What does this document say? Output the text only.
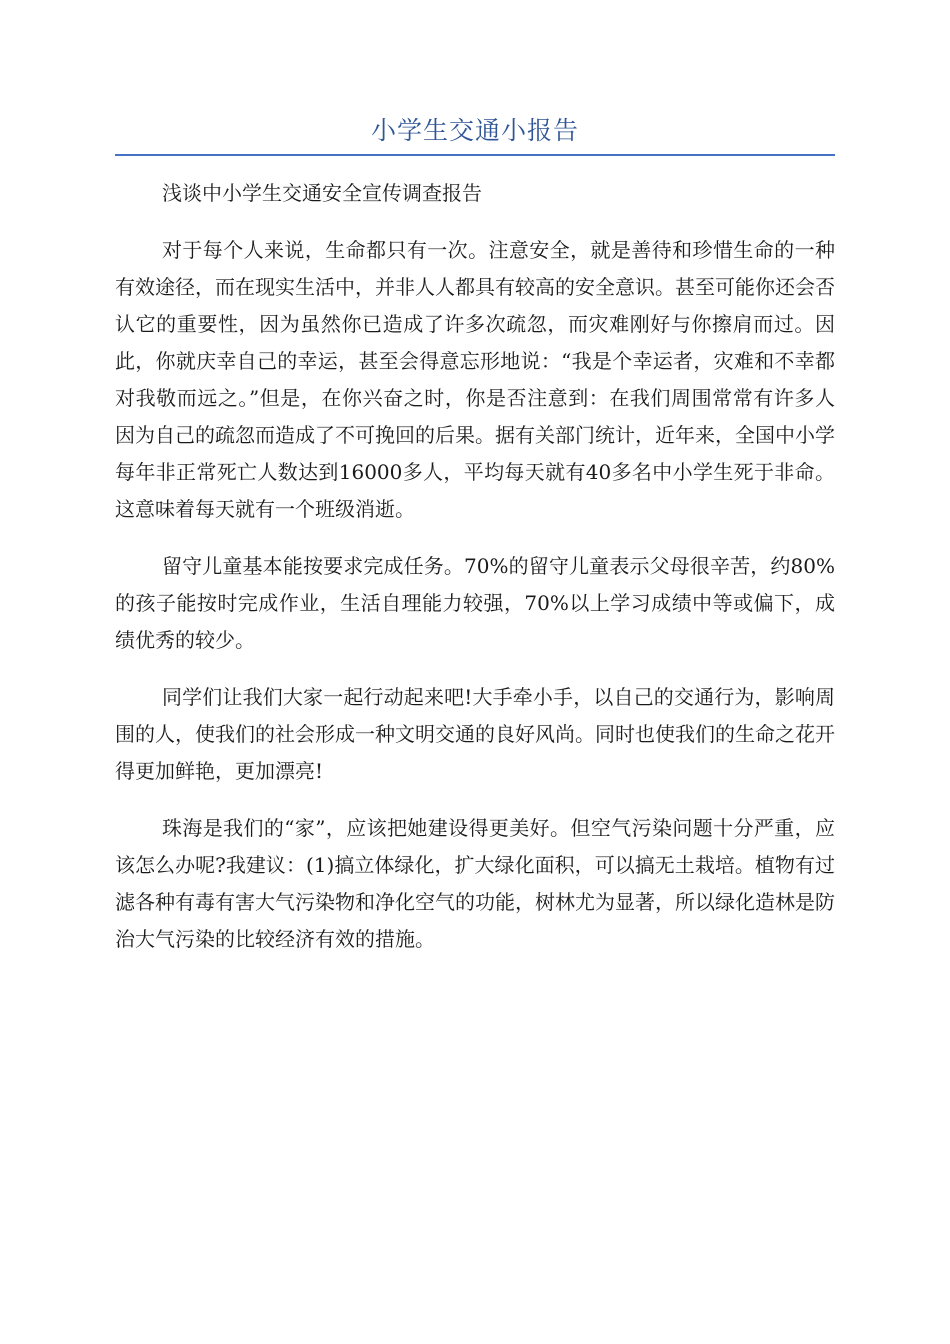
小学生交通小报告

浅谈中小学生交通安全宣传调查报告

对于每个人来说，生命都只有一次。注意安全，就是善待和珍惜生命的一种有效途径，而在现实生活中，并非人人都具有较高的安全意识。甚至可能你还会否认它的重要性，因为虽然你已造成了许多次疏忽，而灾难刚好与你擦肩而过。因此，你就庆幸自己的幸运，甚至会得意忘形地说：“我是个幸运者，灾难和不幸都对我敬而远之。”但是，在你兴奋之时，你是否注意到：在我们周围常常有许多人因为自己的疏忽而造成了不可挽回的后果。据有关部门统计，近年来，全国中小学每年非正常死亡人数达到16000多人，平均每天就有40多名中小学生死于非命。这意味着每天就有一个班级消逝。

留守儿童基本能按要求完成任务。70%的留守儿童表示父母很辛苦，约80%的孩子能按时完成作业，生活自理能力较强，70%以上学习成绩中等或偏下，成绩优秀的较少。

同学们让我们大家一起行动起来吧!大手牵小手，以自己的交通行为，影响周围的人，使我们的社会形成一种文明交通的良好风尚。同时也使我们的生命之花开得更加鲜艳，更加漂亮!

珠海是我们的“家”，应该把她建设得更美好。但空气污染问题十分严重，应该怎么办呢?我建议：(1)搞立体绿化，扩大绿化面积，可以搞无土栽培。植物有过滤各种有毒有害大气污染物和净化空气的功能，树林尤为显著，所以绿化造林是防治大气污染的比较经济有效的措施。
